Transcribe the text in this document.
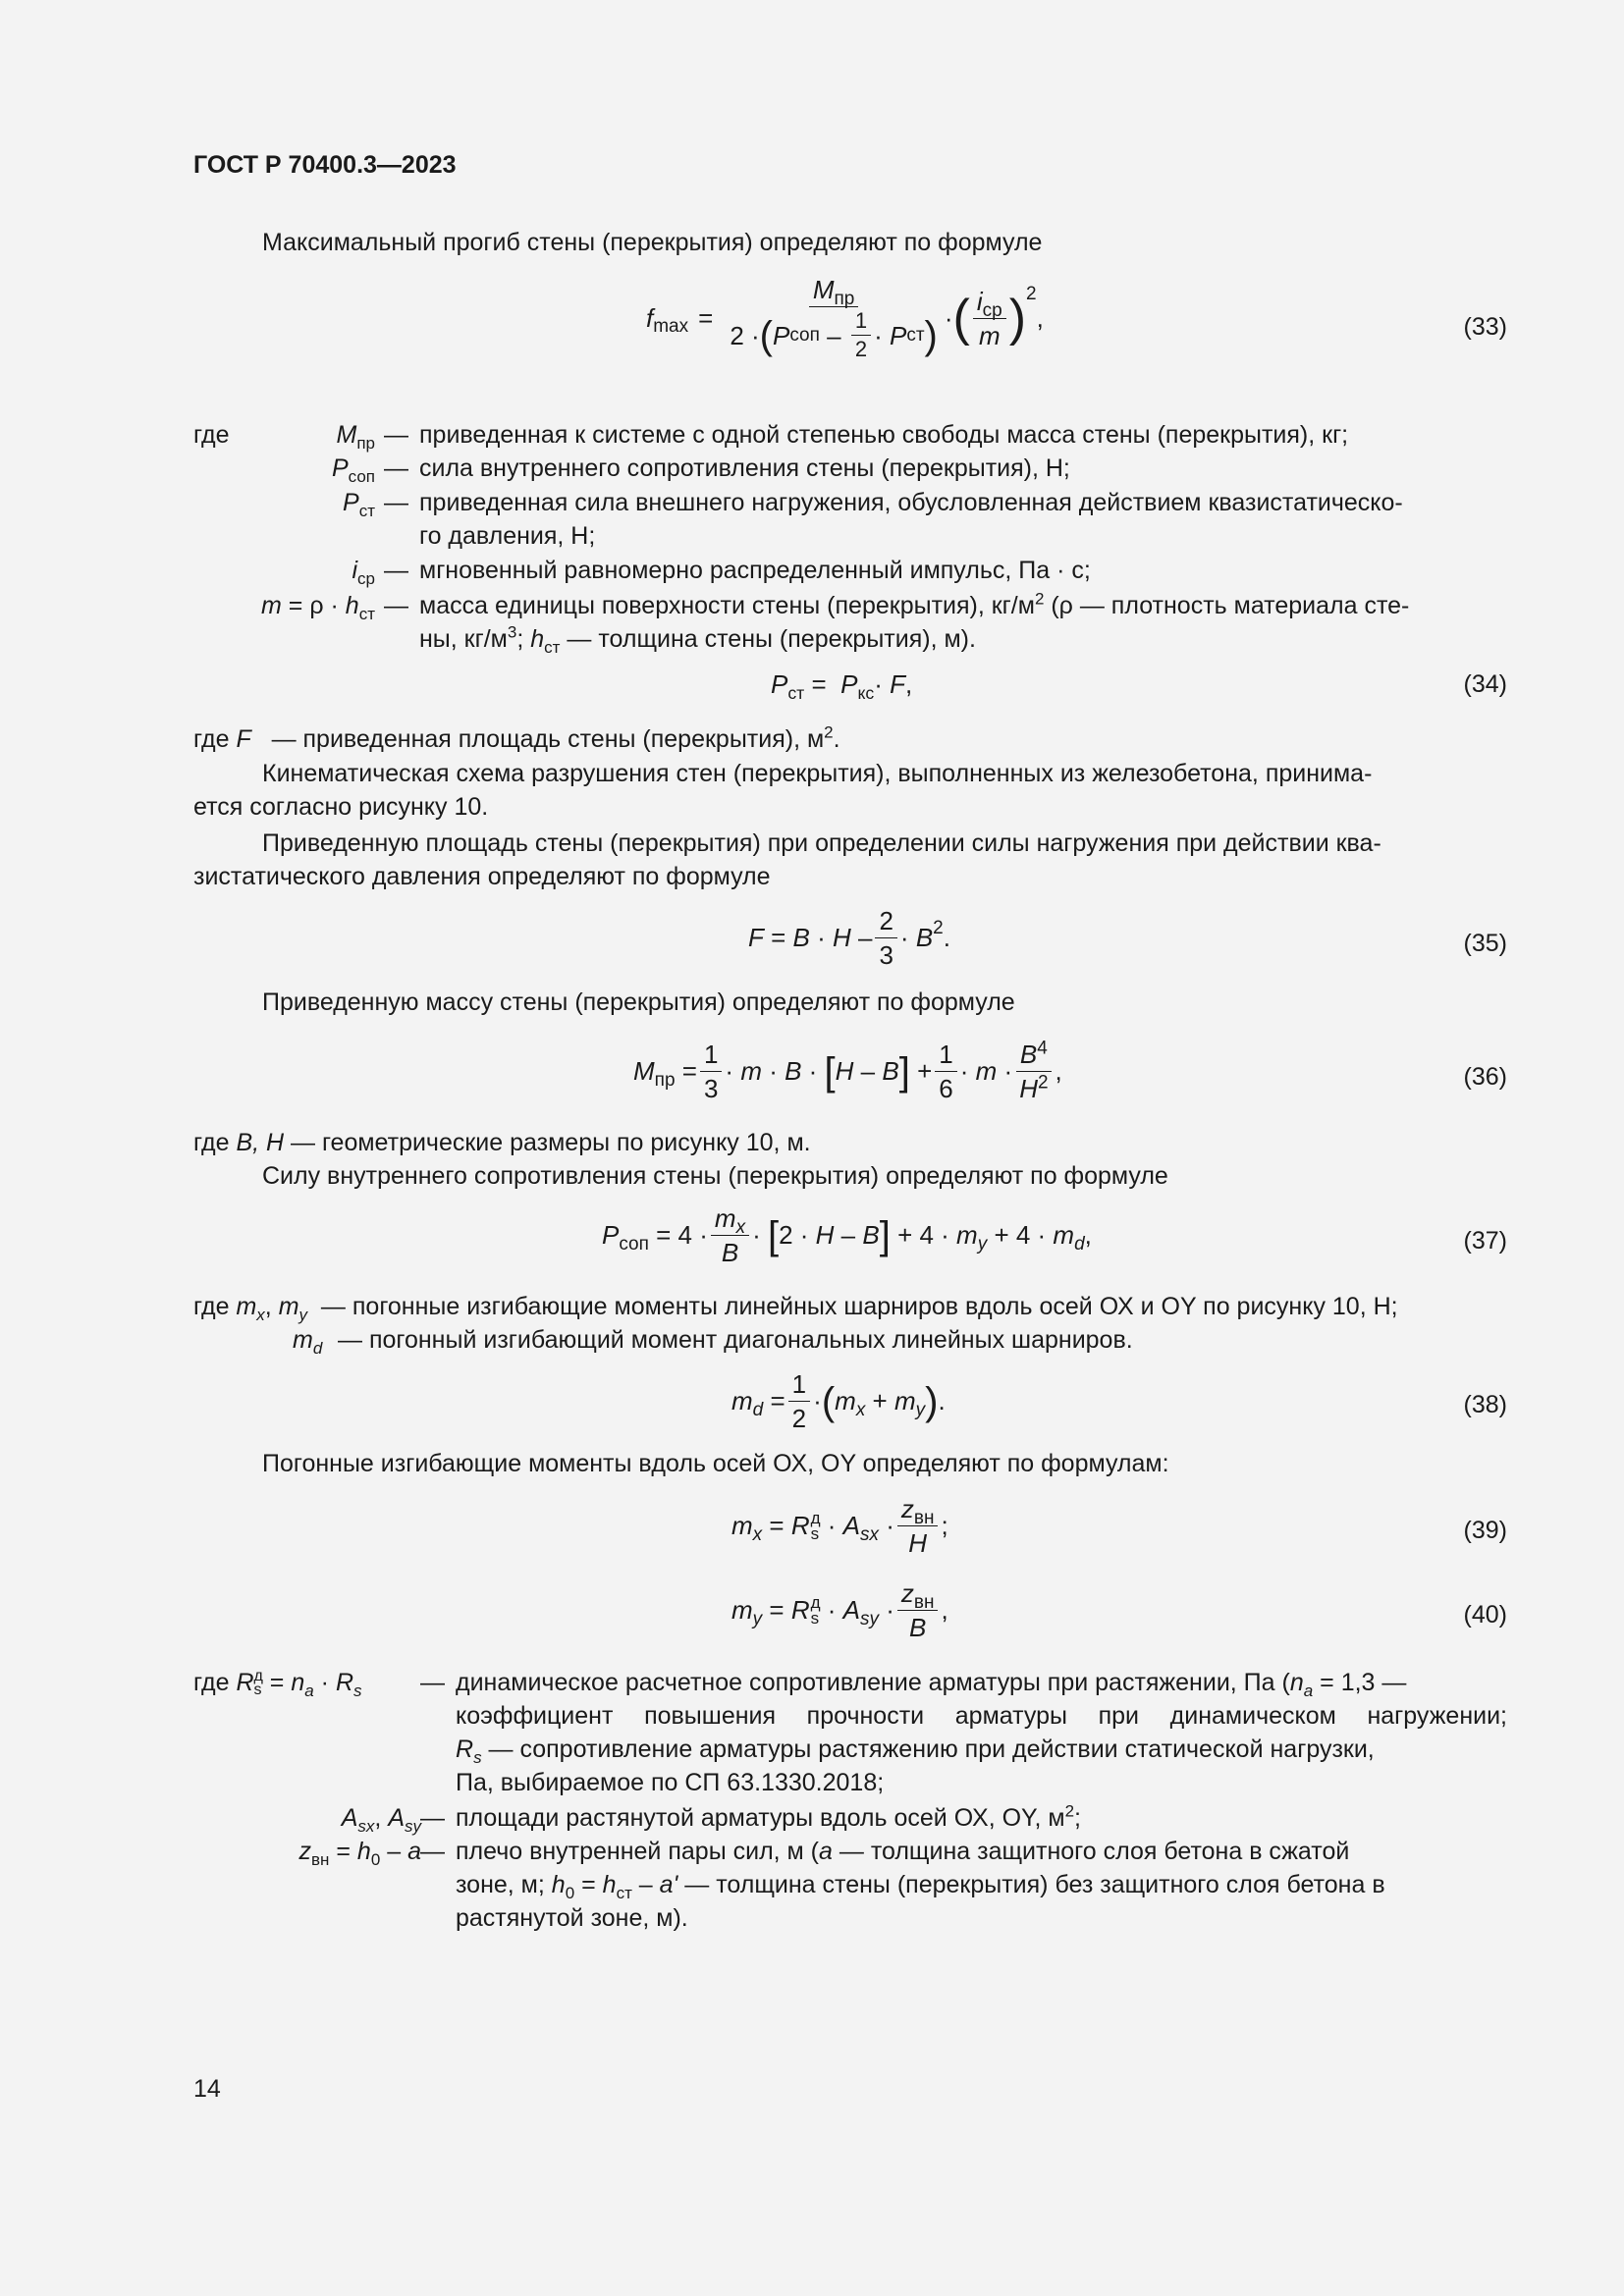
ГОСТ Р 70400.3—2023
Максимальный прогиб стены (перекрытия) определяют по формуле
f $\max = \frac{M_{пр}}{2 \cdot ( P соп - \frac{1}{2} \cdot P ст )}$ · ( $\frac{i_{ср}}{m}$ ) 2
,	(33)
где	$M_{пр}$ — приведенная к системе с одной степенью свободы масса стены (перекрытия), кг;
$P_{соп}$ — сила внутреннего сопротивления стены (перекрытия), Н;
$P_{ст}$ — приведенная сила внешнего нагружения, обусловленная действием квазистатическо-
го давления, Н;
$i_{ср}$ — мгновенный равномерно распределенный импульс, Па · с;
$m = \rho \cdot h_{ст}$ — масса единицы поверхности стены (перекрытия), $кг/м^2$ (ρ — плотность материала сте-
ны, $кг/м^3$; $h_{ст}$ — толщина стены (перекрытия), м).
$P_{ст} = P_{кс}\cdot F$,	(34)
где F — приведенная площадь стены (перекрытия), $м^2$.
Кинематическая схема разрушения стен (перекрытия), выполненных из железобетона, принима-
ется согласно рисунку 10.
Приведенную площадь стены (перекрытия) при определении силы нагружения при действии ква-
зистатического давления определяют по формуле
$F = B \cdot H - \frac{2}{3} \cdot B$ 2 .	(35)
Приведенную массу стены (перекрытия) определяют по формуле
M пр = $\frac{1}{3} \cdot m \cdot B$ · [ H – B ] + $\frac{1}{6} \cdot m \cdot \frac{B^4}{H^2}$ ,	(36)
где B, H — геометрические размеры по рисунку 10, м.
Силу внутреннего сопротивления стены (перекрытия) определяют по формуле
P соп = $4 \cdot \frac{m_x}{B}$ · [ 2 · H – B ] + 4 · m y + 4 · m d ,	(37)
где $m_x$, $m_y$ — погонные изгибающие моменты линейных шарниров вдоль осей ОХ и OY по рисунку 10, Н;
$m_d$ — погонный изгибающий момент диагональных линейных шарниров.
m $d = \frac{1}{2}$ · ( m x + m y ) .	(38)
Погонные изгибающие моменты вдоль осей ОХ, OY определяют по формулам:
m x = R д
s · A sx · $\frac{z_{вн}}{H}$ ;	(39)
m y = R д
s · A sy · $\frac{z_{вн}}{B}$ ,	(40)
где R д
$s = n_a \cdot R_s$ — динамическое расчетное сопротивление арматуры при растяжении, Па ($n_a = 1,3$ —
коэффициент повышения прочности арматуры при динамическом нагружении;
$R_s$ — сопротивление арматуры растяжению при действии статической нагрузки,
Па, выбираемое по СП 63.1330.2018;
$A_{sx}$, $A_{sy}$ — площади растянутой арматуры вдоль осей ОХ, OY, $м^2$;
$z_{вн} = h_0 - a$ — плечо внутренней пары сил, м (a — толщина защитного слоя бетона в сжатой
зоне, м; $h_0 = h_{ст} - a'$ — толщина стены (перекрытия) без защитного слоя бетона в
растянутой зоне, м).
14
